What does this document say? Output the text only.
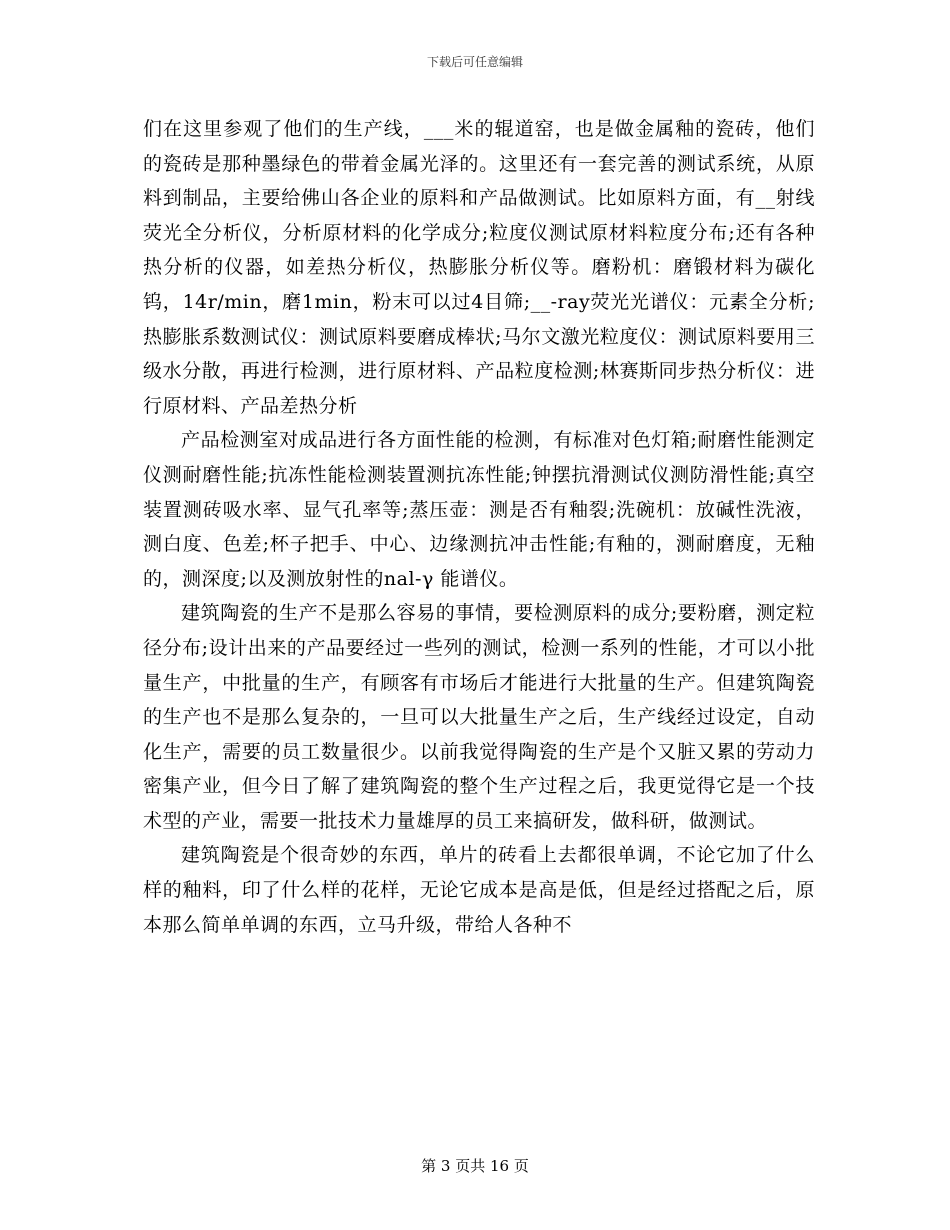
下载后可任意编辑

们在这里参观了他们的生产线，___米的辊道窑，也是做金属釉的瓷砖，他们的瓷砖是那种墨绿色的带着金属光泽的。这里还有一套完善的测试系统，从原料到制品，主要给佛山各企业的原料和产品做测试。比如原料方面，有__射线荧光全分析仪，分析原材料的化学成分;粒度仪测试原材料粒度分布;还有各种热分析的仪器，如差热分析仪，热膨胀分析仪等。磨粉机：磨锻材料为碳化钨，14r/min，磨1min，粉末可以过4目筛;__-ray荧光光谱仪：元素全分析;热膨胀系数测试仪：测试原料要磨成棒状;马尔文激光粒度仪：测试原料要用三级水分散，再进行检测，进行原材料、产品粒度检测;林赛斯同步热分析仪：进行原材料、产品差热分析

产品检测室对成品进行各方面性能的检测，有标准对色灯箱;耐磨性能测定仪测耐磨性能;抗冻性能检测装置测抗冻性能;钟摆抗滑测试仪测防滑性能;真空装置测砖吸水率、显气孔率等;蒸压壶：测是否有釉裂;洗碗机：放碱性洗液，测白度、色差;杯子把手、中心、边缘测抗冲击性能;有釉的，测耐磨度，无釉的，测深度;以及测放射性的nal-γ 能谱仪。

建筑陶瓷的生产不是那么容易的事情，要检测原料的成分;要粉磨，测定粒径分布;设计出来的产品要经过一些列的测试，检测一系列的性能，才可以小批量生产，中批量的生产，有顾客有市场后才能进行大批量的生产。但建筑陶瓷的生产也不是那么复杂的，一旦可以大批量生产之后，生产线经过设定，自动化生产，需要的员工数量很少。以前我觉得陶瓷的生产是个又脏又累的劳动力密集产业，但今日了解了建筑陶瓷的整个生产过程之后，我更觉得它是一个技术型的产业，需要一批技术力量雄厚的员工来搞研发，做科研，做测试。

建筑陶瓷是个很奇妙的东西，单片的砖看上去都很单调，不论它加了什么样的釉料，印了什么样的花样，无论它成本是高是低，但是经过搭配之后，原本那么简单单调的东西，立马升级，带给人各种不

第 3 页共 16 页
